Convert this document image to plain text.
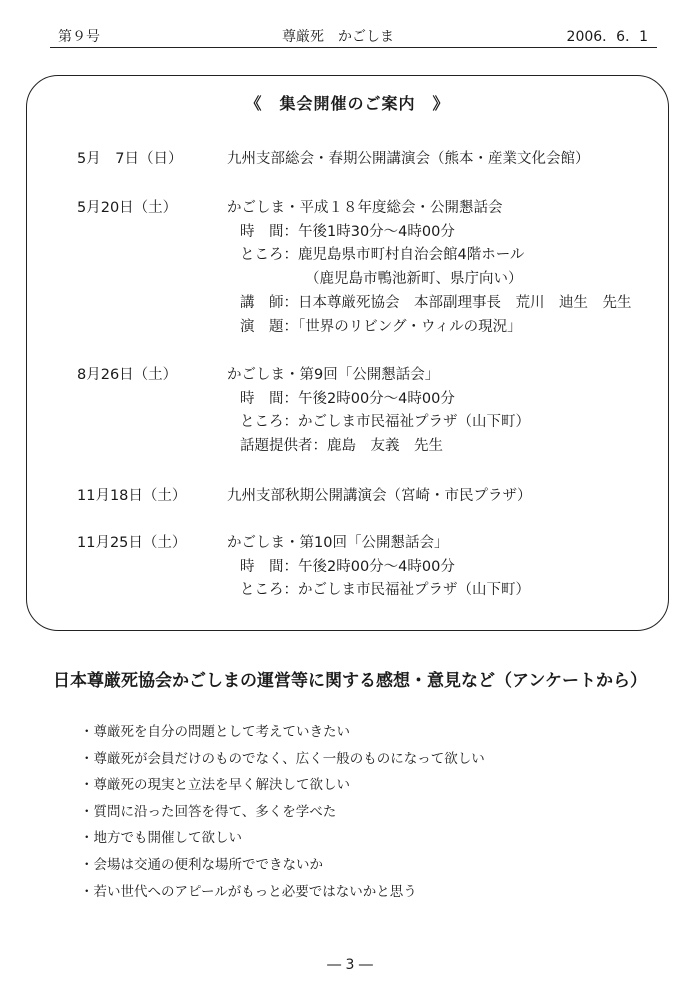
第９号	尊厳死　かごしま	2006．6．1
《　集会開催のご案内　》
5月　7日（日）	九州支部総会・春期公開講演会（熊本・産業文化会館）
5月20日（土）	かごしま・平成１８年度総会・公開懇話会
時　間：午後1時30分～4時00分
ところ：鹿児島県市町村自治会館4階ホール
（鹿児島市鴨池新町、県庁向い）
講　師：日本尊厳死協会　本部副理事長　荒川　迪生　先生
演　題：「世界のリビング・ウィルの現況」
8月26日（土）	かごしま・第9回「公開懇話会」
時　間：午後2時00分～4時00分
ところ：かごしま市民福祉プラザ（山下町）
話題提供者：鹿島　友義　先生
11月18日（土）	九州支部秋期公開講演会（宮崎・市民プラザ）
11月25日（土）	かごしま・第10回「公開懇話会」
時　間：午後2時00分～4時00分
ところ：かごしま市民福祉プラザ（山下町）
日本尊厳死協会かごしまの運営等に関する感想・意見など（アンケートから）
・尊厳死を自分の問題として考えていきたい
・尊厳死が会員だけのものでなく、広く一般のものになって欲しい
・尊厳死の現実と立法を早く解決して欲しい
・質問に沿った回答を得て、多くを学べた
・地方でも開催して欲しい
・会場は交通の便利な場所でできないか
・若い世代へのアピールがもっと必要ではないかと思う
― 3 ―
